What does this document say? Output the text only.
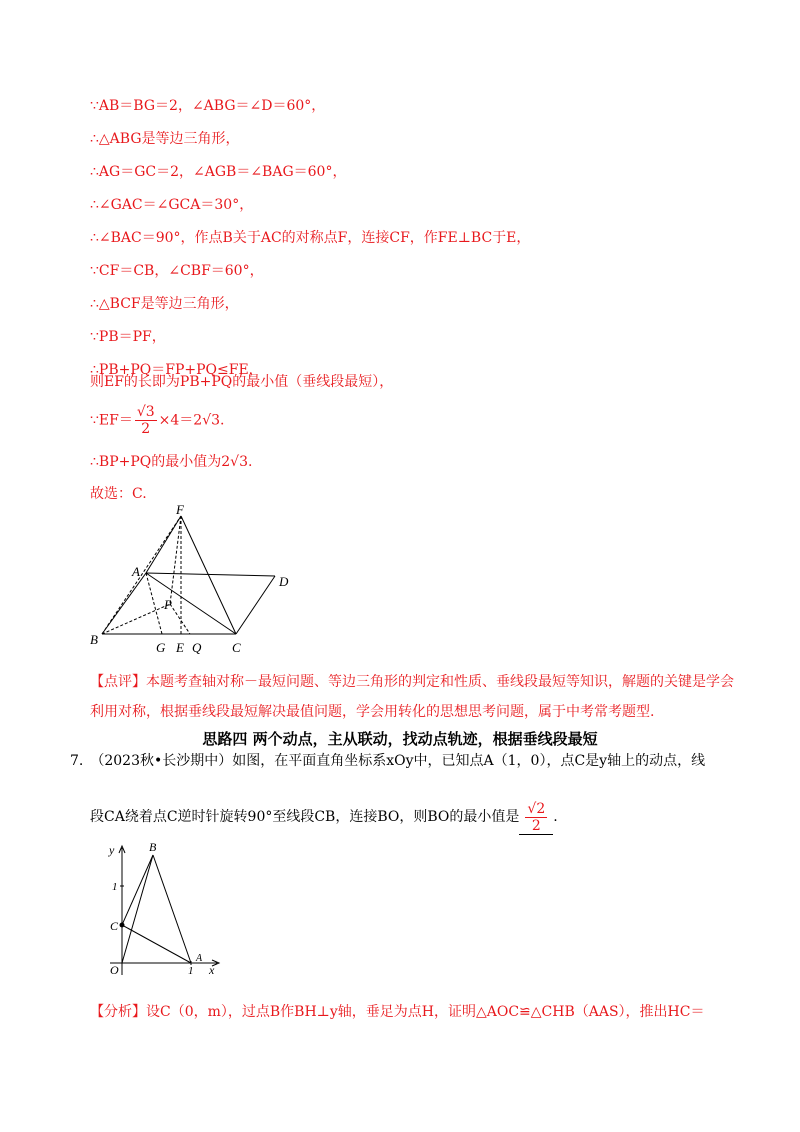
∵AB＝BG＝2，∠ABG＝∠D＝60°，
∴△ABG是等边三角形，
∴AG＝GC＝2，∠AGB＝∠BAG＝60°，
∴∠GAC＝∠GCA＝30°，
∴∠BAC＝90°，作点B关于AC的对称点F，连接CF，作FE⊥BC于E，
∵CF＝CB，∠CBF＝60°，
∴△BCF是等边三角形，
∵PB＝PF，
∴PB+PQ＝FP+PQ≤FE，
则EF的长即为PB+PQ的最小值（垂线段最短），
∵EF＝ $\frac{√3}{2} \times 4=2√3$.
∴BP+PQ的最小值为2√3.
故选：C.
F
A
D
P
B
G E Q C
【点评】本题考查轴对称－最短问题、等边三角形的判定和性质、垂线段最短等知识，解题的关键是学会利用对称，根据垂线段最短解决最值问题，学会用转化的思想思考问题，属于中考常考题型.
思路四 两个动点，主从联动，找动点轨迹，根据垂线段最短
7.　（2023秋•长沙期中）如图，在平面直角坐标系xOy中，已知点A（1，0），点C是y轴上的动点，线
段CA绕着点C逆时针旋转90°至线段CB，连接BO，则BO的最小值是 $\frac{√2}{2}$ .
y	B
1
C
O
A
1 x
【分析】设C（0，m），过点B作BH⊥y轴，垂足为点H，证明△AOC≌△CHB（AAS），推出HC＝
